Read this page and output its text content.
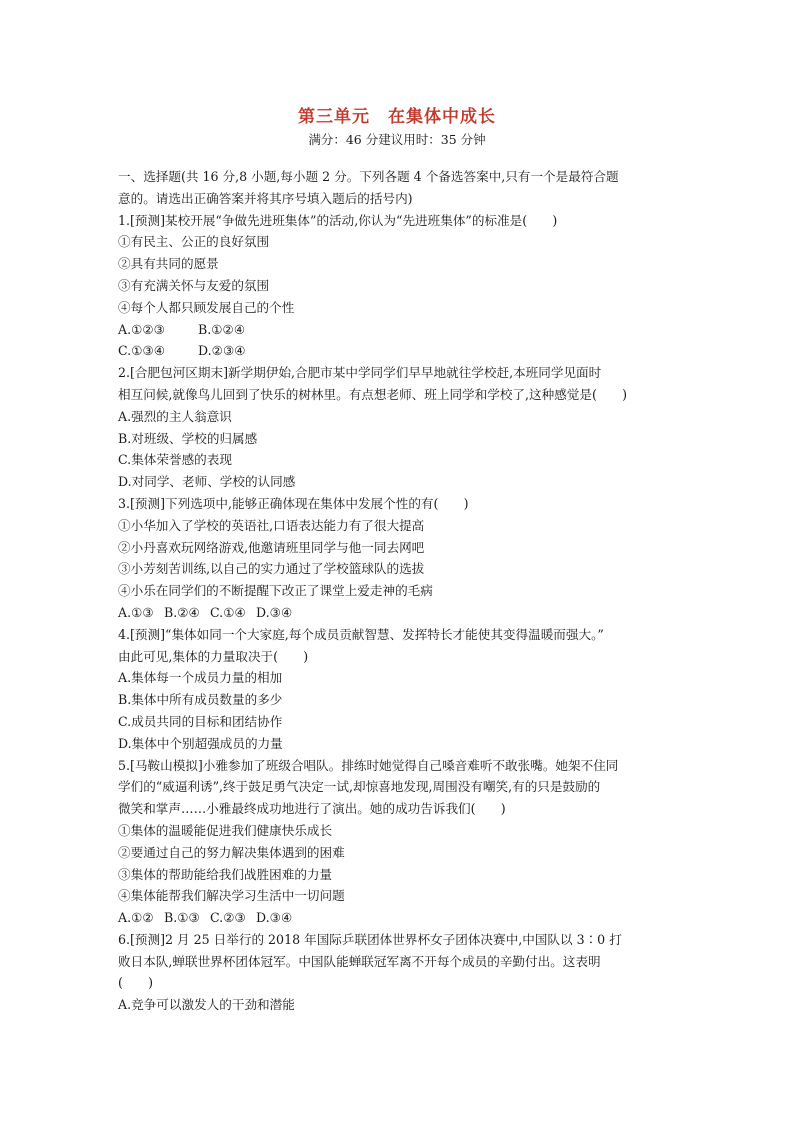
第三单元　在集体中成长
满分：46 分建议用时：35 分钟
一、选择题(共 16 分,8 小题,每小题 2 分。下列各题 4 个备选答案中,只有一个是最符合题
意的。请选出正确答案并将其序号填入题后的括号内)
1.[预测]某校开展“争做先进班集体”的活动,你认为“先进班集体”的标准是(　　)
①有民主、公正的良好氛围
②具有共同的愿景
③有充满关怀与友爱的氛围
④每个人都只顾发展自己的个性
A.①②③	B.①②④
C.①③④	D.②③④
2.[合肥包河区期末]新学期伊始,合肥市某中学同学们早早地就往学校赶,本班同学见面时
相互问候,就像鸟儿回到了快乐的树林里。有点想老师、班上同学和学校了,这种感觉是(　　)
A.强烈的主人翁意识
B.对班级、学校的归属感
C.集体荣誉感的表现
D.对同学、老师、学校的认同感
3.[预测]下列选项中,能够正确体现在集体中发展个性的有(　　)
①小华加入了学校的英语社,口语表达能力有了很大提高
②小丹喜欢玩网络游戏,他邀请班里同学与他一同去网吧
③小芳刻苦训练,以自己的实力通过了学校篮球队的选拔
④小乐在同学们的不断提醒下改正了课堂上爱走神的毛病
A.①③ B.②④ C.①④ D.③④
4.[预测]“集体如同一个大家庭,每个成员贡献智慧、发挥特长才能使其变得温暖而强大。”
由此可见,集体的力量取决于(　　)
A.集体每一个成员力量的相加
B.集体中所有成员数量的多少
C.成员共同的目标和团结协作
D.集体中个别超强成员的力量
5.[马鞍山模拟]小雅参加了班级合唱队。排练时她觉得自己嗓音难听不敢张嘴。她架不住同
学们的“威逼利诱”,终于鼓足勇气决定一试,却惊喜地发现,周围没有嘲笑,有的只是鼓励的
微笑和掌声……小雅最终成功地进行了演出。她的成功告诉我们(　　)
①集体的温暖能促进我们健康快乐成长
②要通过自己的努力解决集体遇到的困难
③集体的帮助能给我们战胜困难的力量
④集体能帮我们解决学习生活中一切问题
A.①② B.①③ C.②③ D.③④
6.[预测]2 月 25 日举行的 2018 年国际乒联团体世界杯女子团体决赛中,中国队以 3∶0 打
败日本队,蝉联世界杯团体冠军。中国队能蝉联冠军离不开每个成员的辛勤付出。这表明
(　　)
A.竞争可以激发人的干劲和潜能
